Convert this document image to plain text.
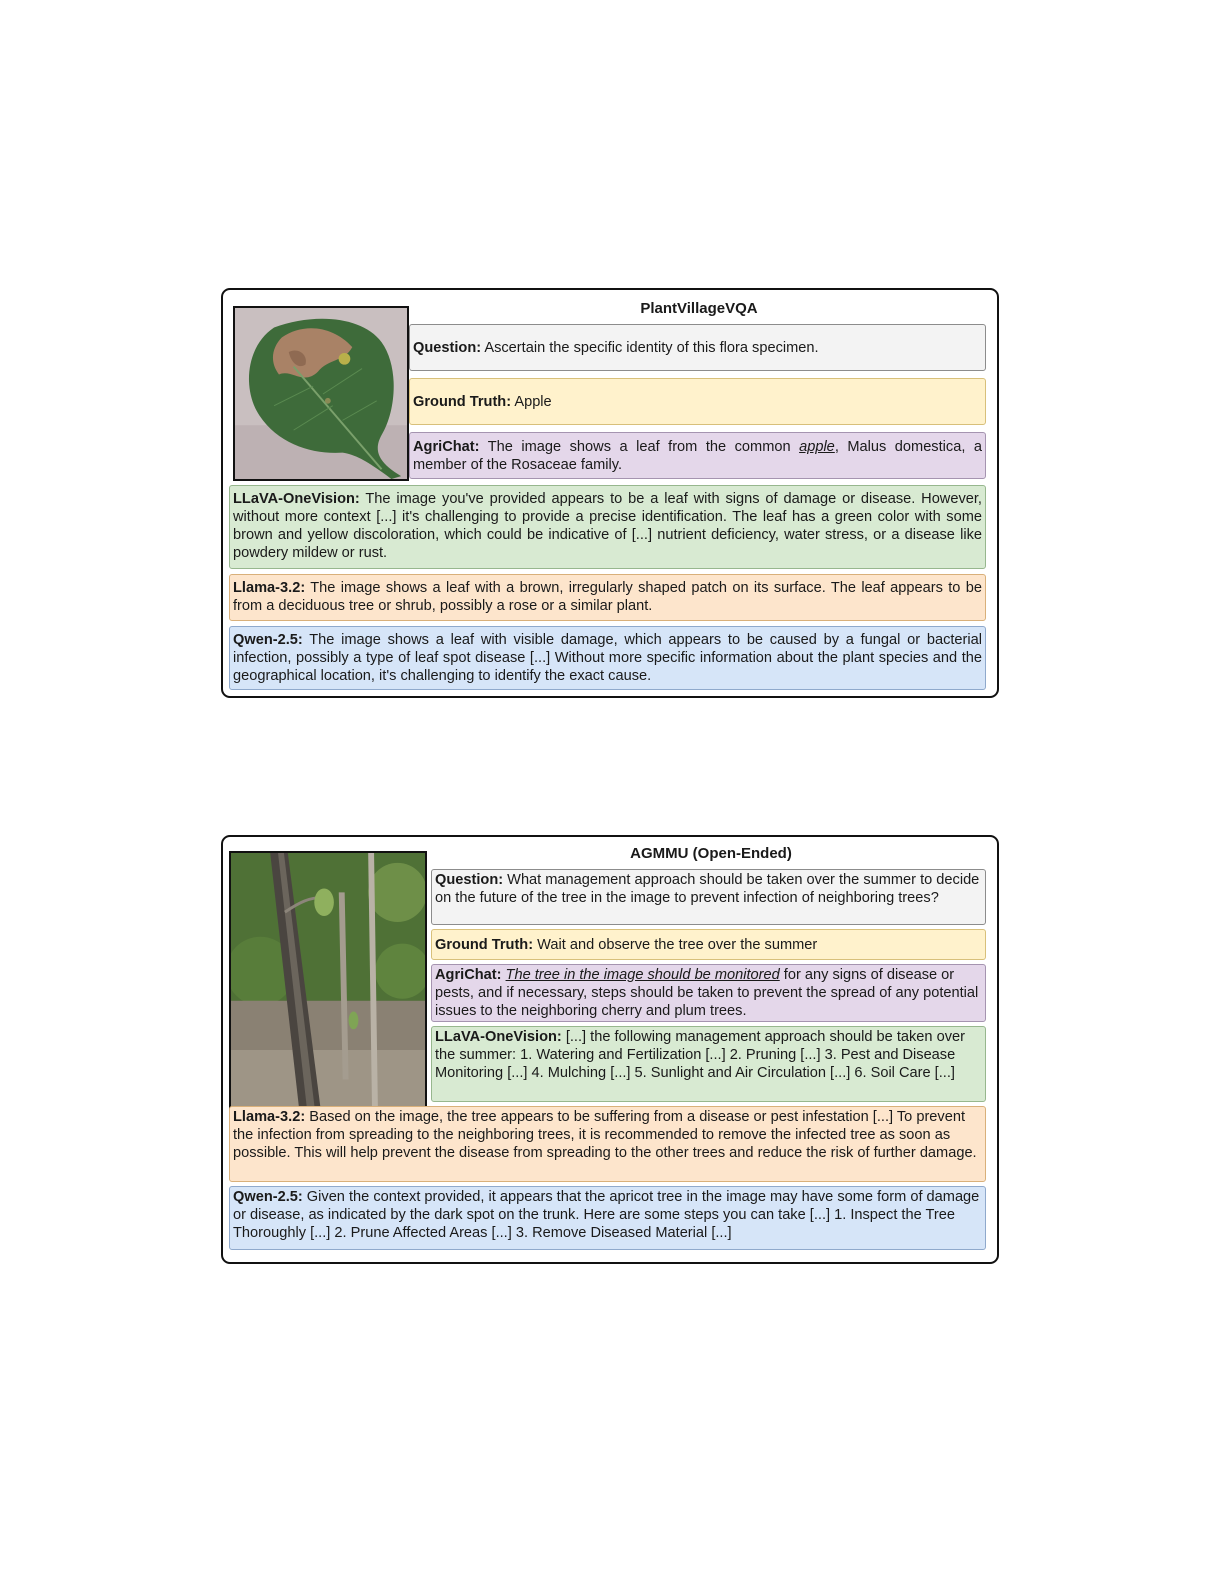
PlantVillageVQA
Question: Ascertain the specific identity of this flora specimen.
Ground Truth: Apple
AgriChat: The image shows a leaf from the common apple, Malus domestica, a member of the Rosaceae family.
LLaVA-OneVision: The image you've provided appears to be a leaf with signs of damage or disease. However, without more context [...] it's challenging to provide a precise identification. The leaf has a green color with some brown and yellow discoloration, which could be indicative of [...] nutrient deficiency, water stress, or a disease like powdery mildew or rust.
Llama-3.2: The image shows a leaf with a brown, irregularly shaped patch on its surface. The leaf appears to be from a deciduous tree or shrub, possibly a rose or a similar plant.
Qwen-2.5: The image shows a leaf with visible damage, which appears to be caused by a fungal or bacterial infection, possibly a type of leaf spot disease [...] Without more specific information about the plant species and the geographical location, it's challenging to identify the exact cause.
AGMMU (Open-Ended)
Question: What management approach should be taken over the summer to decide on the future of the tree in the image to prevent infection of neighboring trees?
Ground Truth: Wait and observe the tree over the summer
AgriChat: The tree in the image should be monitored for any signs of disease or pests, and if necessary, steps should be taken to prevent the spread of any potential issues to the neighboring cherry and plum trees.
LLaVA-OneVision: [...] the following management approach should be taken over the summer: 1. Watering and Fertilization [...] 2. Pruning [...] 3. Pest and Disease Monitoring [...] 4. Mulching [...] 5. Sunlight and Air Circulation [...] 6. Soil Care [...]
Llama-3.2: Based on the image, the tree appears to be suffering from a disease or pest infestation [...] To prevent the infection from spreading to the neighboring trees, it is recommended to remove the infected tree as soon as possible. This will help prevent the disease from spreading to the other trees and reduce the risk of further damage.
Qwen-2.5: Given the context provided, it appears that the apricot tree in the image may have some form of damage or disease, as indicated by the dark spot on the trunk. Here are some steps you can take [...] 1. Inspect the Tree Thoroughly [...] 2. Prune Affected Areas [...] 3. Remove Diseased Material [...]
